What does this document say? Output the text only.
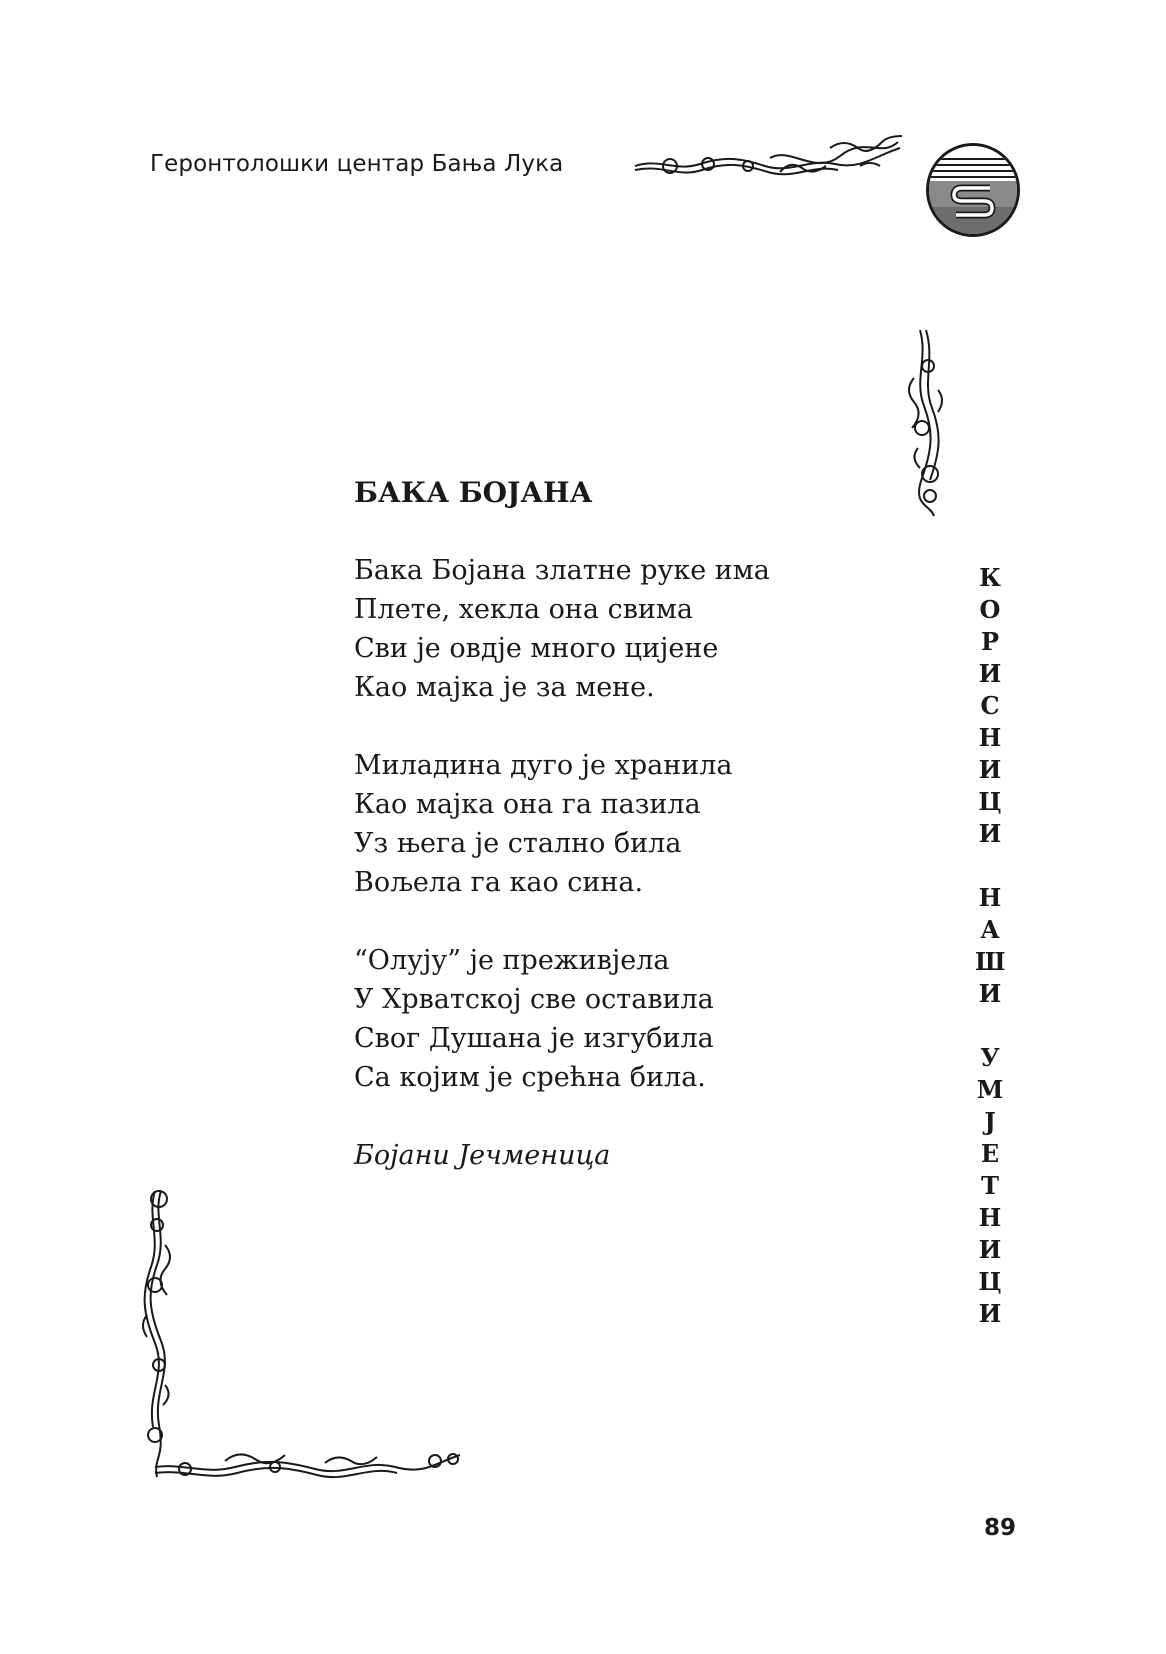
Геронтолошки центар Бања Лука
БАКА БОЈАНА
Бака Бојана златне руке има
Плете, хекла она свима
Сви је овдје много цијене
Као мајка је за мене.
Миладина дуго је хранила
Као мајка она га пазила
Уз њега је стално била
Вољела га као сина.
“Олују” је преживјела
У Хрватској све оставила
Свог Душана је изгубила
Са којим је срећна била.
Бојани Јечменица
К
О
Р
И
С
Н
И
Ц
И
Н
А
Ш
И
У
М
Ј
Е
Т
Н
И
Ц
И
89
